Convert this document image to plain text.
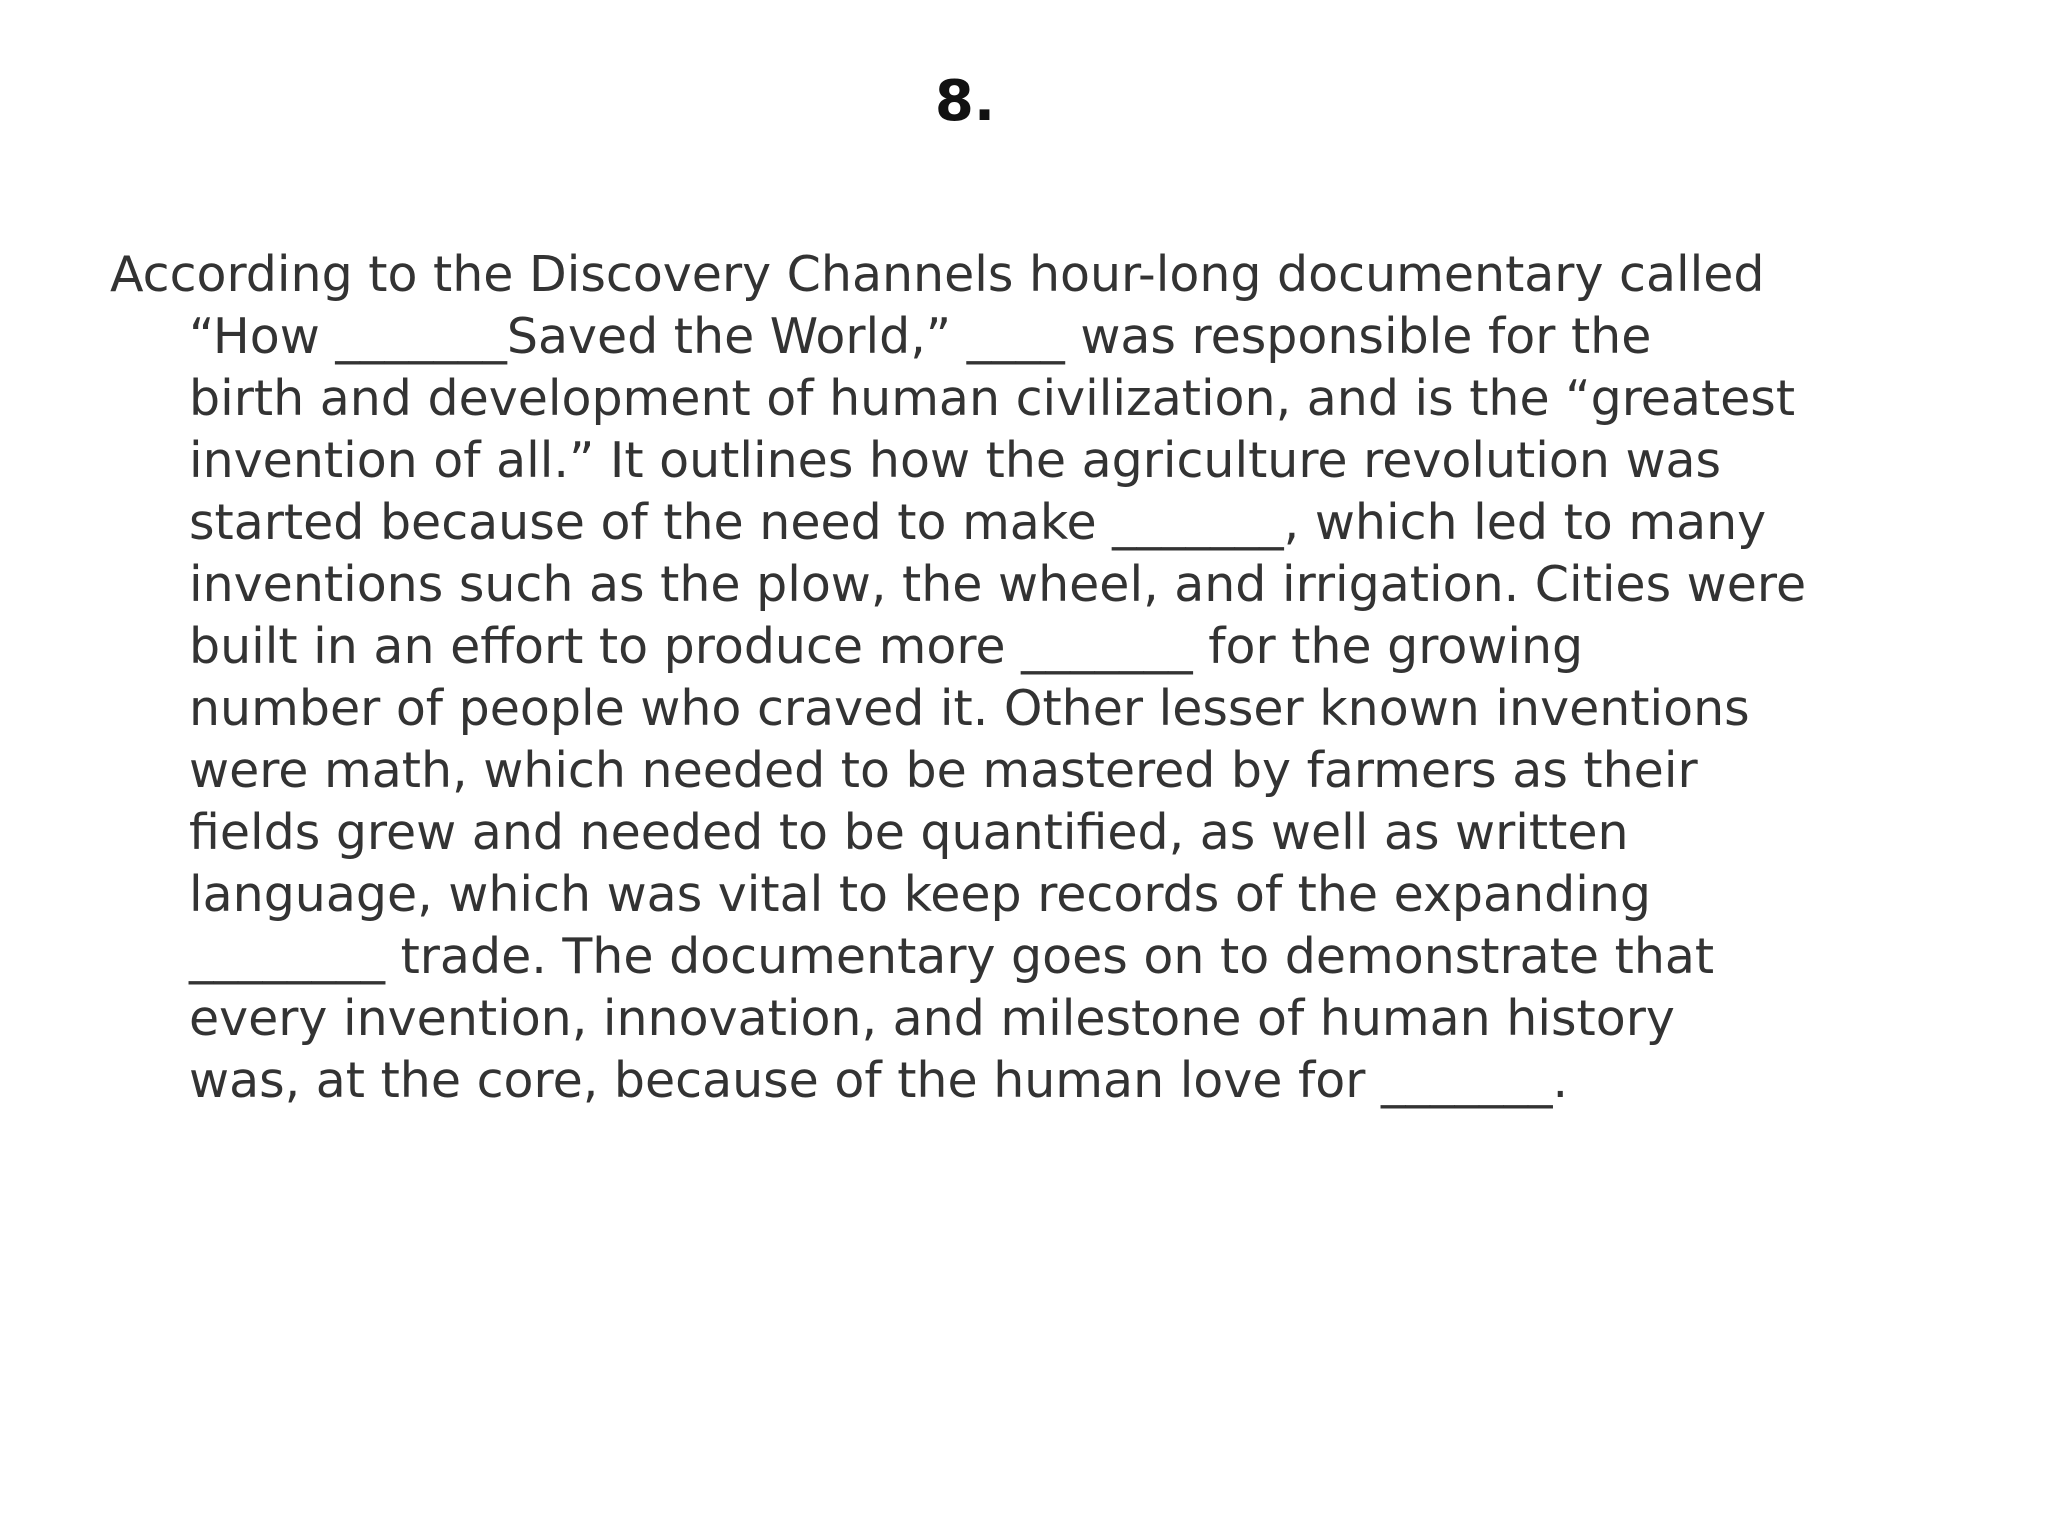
8.

According to the Discovery Channels hour-long documentary called
“How _______Saved the World,” ____ was responsible for the
birth and development of human civilization, and is the “greatest
invention of all.” It outlines how the agriculture revolution was
started because of the need to make _______, which led to many
inventions such as the plow, the wheel, and irrigation. Cities were
built in an effort to produce more _______ for the growing
number of people who craved it. Other lesser known inventions
were math, which needed to be mastered by farmers as their
fields grew and needed to be quantified, as well as written
language, which was vital to keep records of the expanding
________ trade. The documentary goes on to demonstrate that
every invention, innovation, and milestone of human history
was, at the core, because of the human love for _______.
